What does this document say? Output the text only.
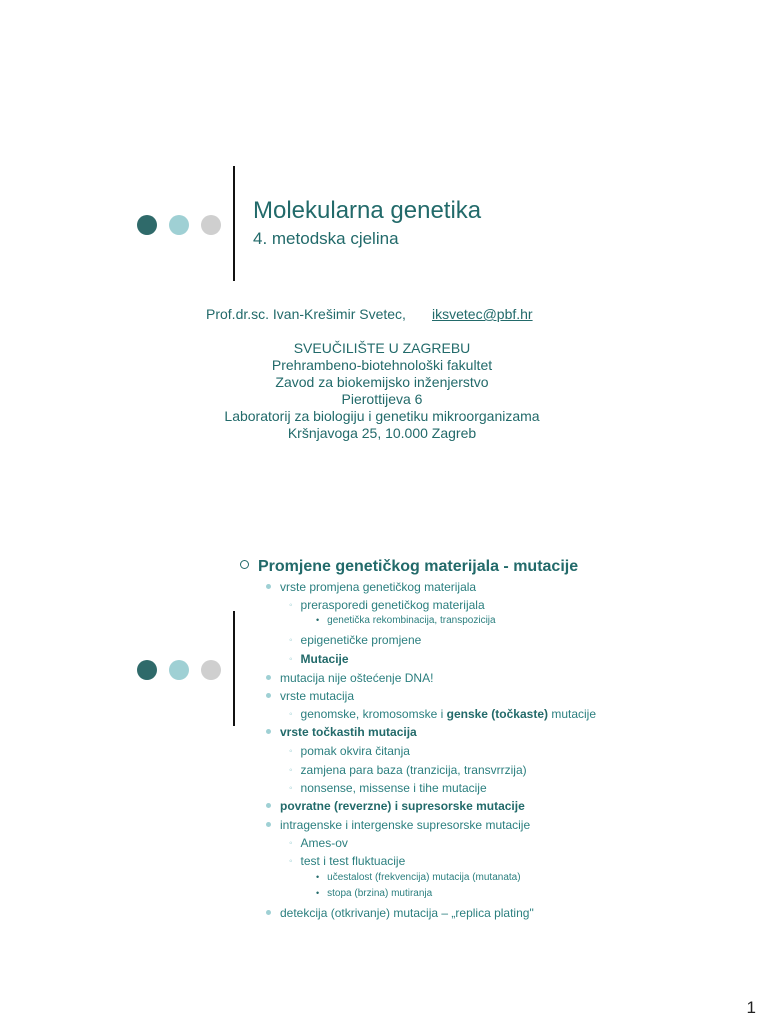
Molekularna genetika
4. metodska cjelina
Prof.dr.sc. Ivan-Krešimir Svetec, iksvetec@pbf.hr
SVEUČILIŠTE U ZAGREBU
Prehrambeno-biotehnološki fakultet
Zavod za biokemijsko inženjerstvo
Pierottijeva 6
Laboratorij za biologiju i genetiku mikroorganizama
Kršnjavoga 25, 10.000 Zagreb
Promjene genetičkog materijala - mutacije
vrste promjena genetičkog materijala
◦ prerasporedi genetičkog materijala
• genetička rekombinacija, transpozicija
◦ epigenetičke promjene
◦ Mutacije
mutacija nije oštećenje DNA!
vrste mutacija
◦ genomske, kromosomske i genske (točkaste) mutacije
vrste točkastih mutacija
◦ pomak okvira čitanja
◦ zamjena para baza (tranzicija, transvrrzija)
◦ nonsense, missense i tihe mutacije
povratne (reverzne) i supresorske mutacije
intragenske i intergenske supresorske mutacije
◦ Ames-ov
◦ test i test fluktuacije
• učestalost (frekvencija) mutacija (mutanata)
• stopa (brzina) mutiranja
detekcija (otkrivanje) mutacija – „replica plating"
1
